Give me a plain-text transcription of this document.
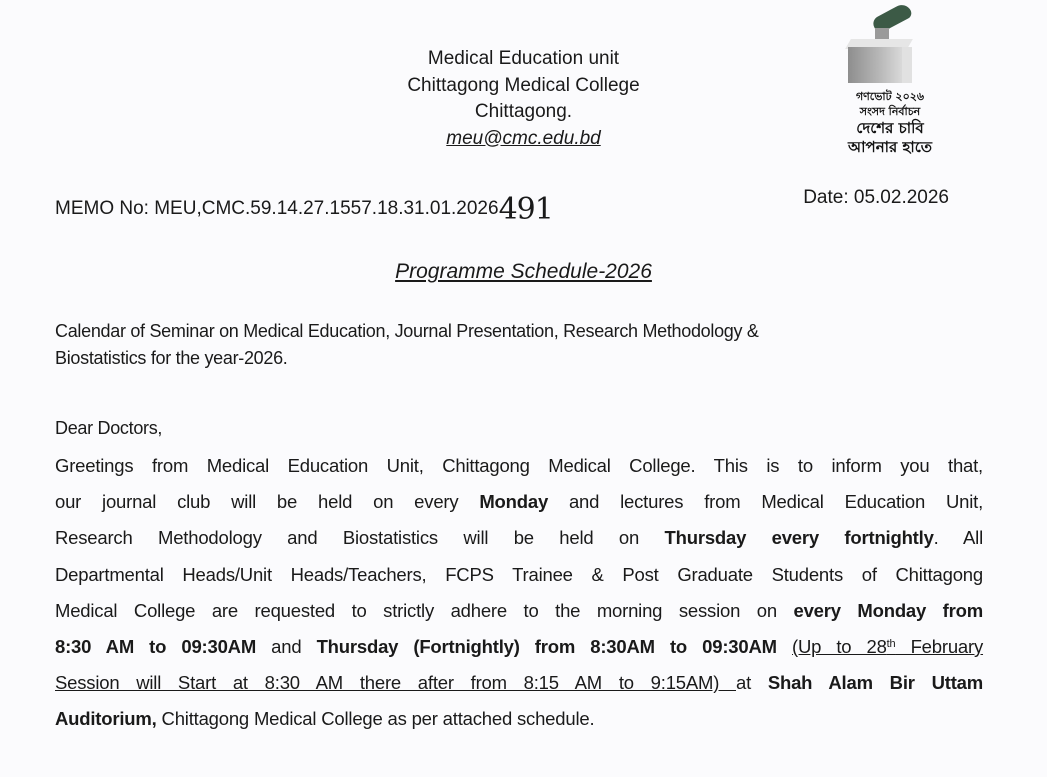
Medical Education unit
Chittagong Medical College
Chittagong.
meu@cmc.edu.bd
গণভোট ২০২৬
সংসদ নির্বাচন
দেশের চাবি
আপনার হাতে
MEMO No: MEU,CMC.59.14.27.1557.18.31.01.2026491	Date: 05.02.2026
Programme Schedule-2026
Calendar of Seminar on Medical Education, Journal Presentation, Research Methodology &
Biostatistics for the year-2026.
Dear Doctors,
Greetings from Medical Education Unit, Chittagong Medical College. This is to inform you that,
our journal club will be held on every Monday and lectures from Medical Education Unit,
Research Methodology and Biostatistics will be held on Thursday every fortnightly. All
Departmental Heads/Unit Heads/Teachers, FCPS Trainee & Post Graduate Students of Chittagong
Medical College are requested to strictly adhere to the morning session on every Monday from
8:30 AM to 09:30AM and Thursday (Fortnightly) from 8:30AM to 09:30AM (Up to 28th February
Session will Start at 8:30 AM there after from 8:15 AM to 9:15AM) at Shah Alam Bir Uttam
Auditorium, Chittagong Medical College as per attached schedule.
